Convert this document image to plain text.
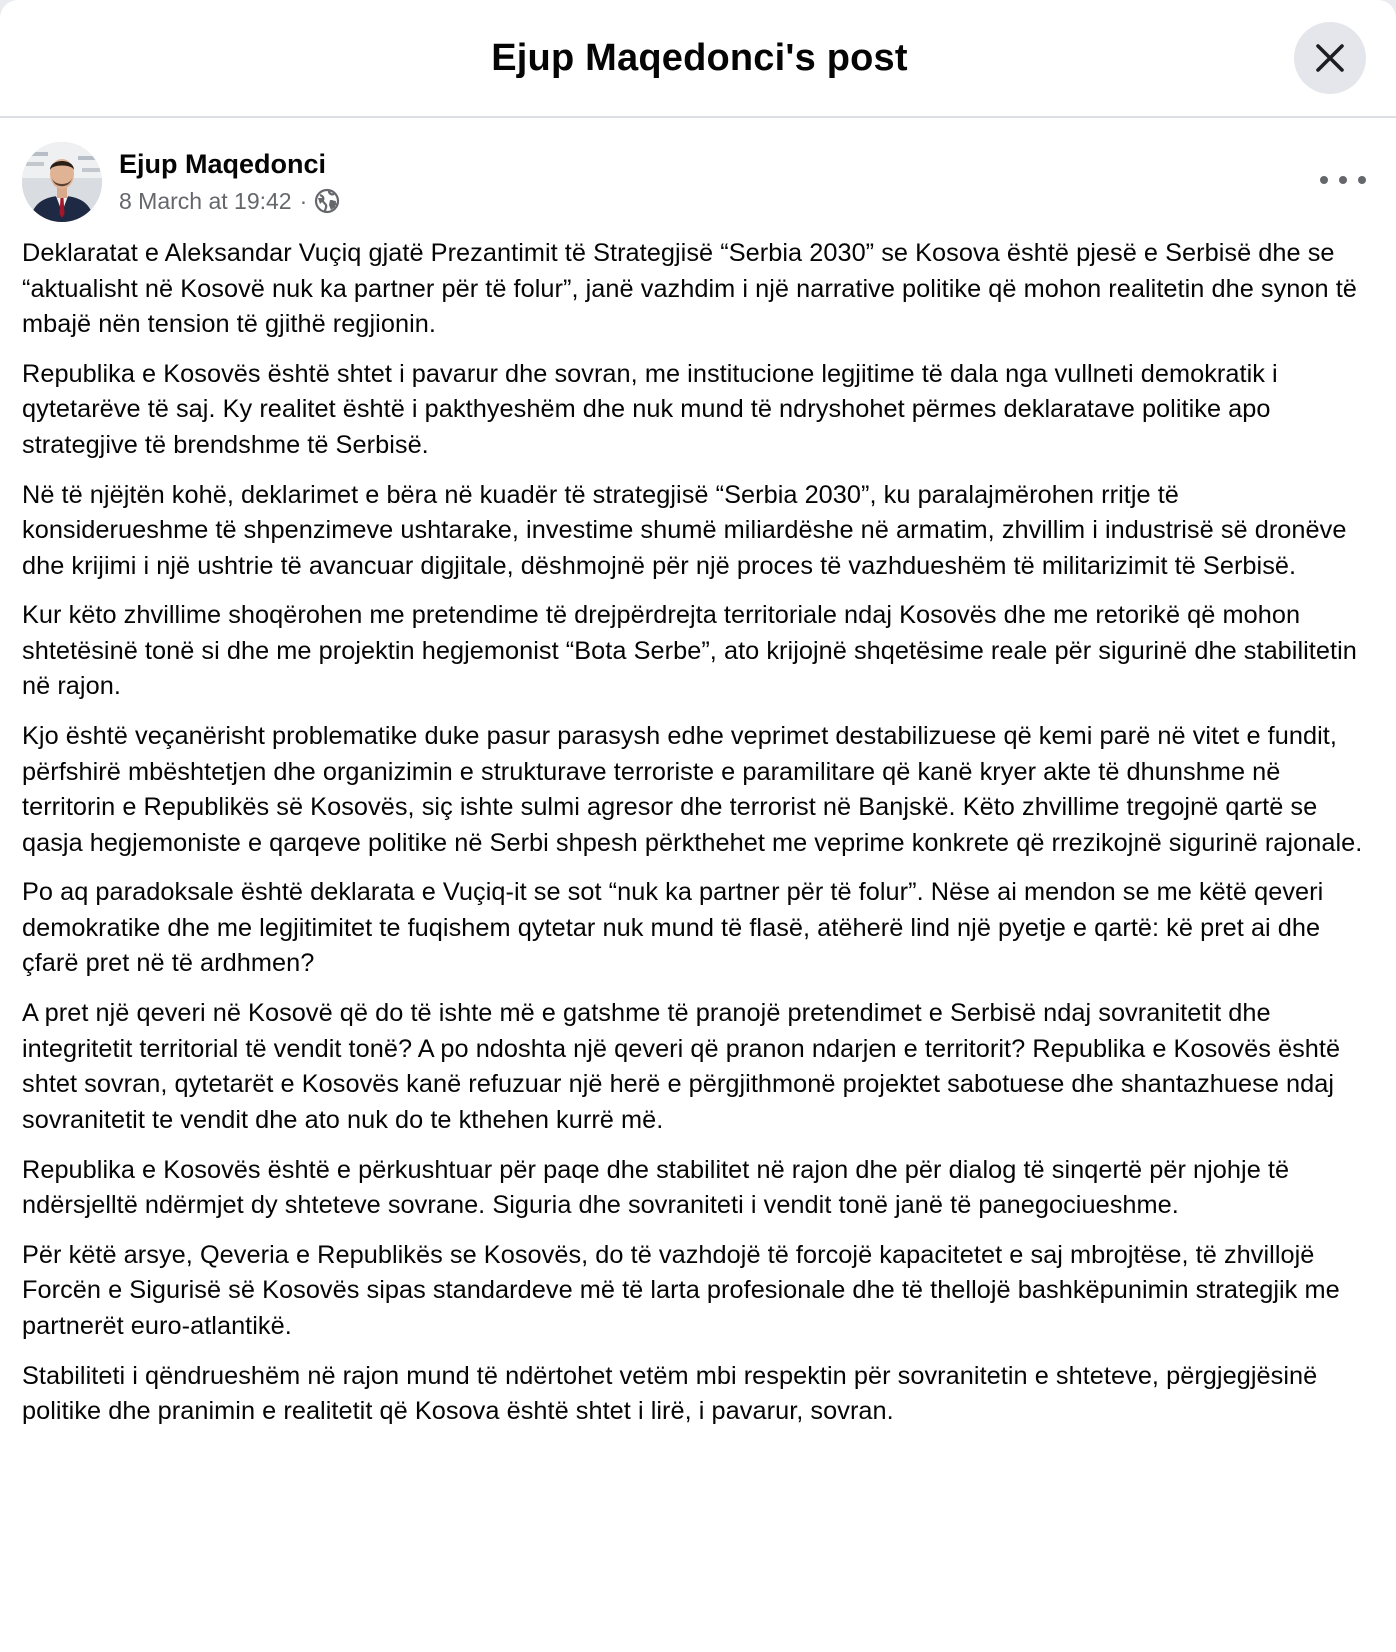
Ejup Maqedonci's post
Ejup Maqedonci
8 March at 19:42 ·

Deklaratat e Aleksandar Vuçiq gjatë Prezantimit të Strategjisë “Serbia 2030” se Kosova është pjesë e Serbisë dhe se “aktualisht në Kosovë nuk ka partner për të folur”, janë vazhdim i një narrative politike që mohon realitetin dhe synon të mbajë nën tension të gjithë regjionin.

Republika e Kosovës është shtet i pavarur dhe sovran, me institucione legjitime të dala nga vullneti demokratik i qytetarëve të saj. Ky realitet është i pakthyeshëm dhe nuk mund të ndryshohet përmes deklaratave politike apo strategjive të brendshme të Serbisë.

Në të njëjtën kohë, deklarimet e bëra në kuadër të strategjisë “Serbia 2030”, ku paralajmërohen rritje të konsiderueshme të shpenzimeve ushtarake, investime shumë miliardëshe në armatim, zhvillim i industrisë së dronëve dhe krijimi i një ushtrie të avancuar digjitale, dëshmojnë për një proces të vazhdueshëm të militarizimit të Serbisë.

Kur këto zhvillime shoqërohen me pretendime të drejpërdrejta territoriale ndaj Kosovës dhe me retorikë që mohon shtetësinë tonë si dhe me projektin hegjemonist “Bota Serbe”, ato krijojnë shqetësime reale për sigurinë dhe stabilitetin në rajon.

Kjo është veçanërisht problematike duke pasur parasysh edhe veprimet destabilizuese që kemi parë në vitet e fundit, përfshirë mbështetjen dhe organizimin e strukturave terroriste e paramilitare që kanë kryer akte të dhunshme në territorin e Republikës së Kosovës, siç ishte sulmi agresor dhe terrorist në Banjskë. Këto zhvillime tregojnë qartë se qasja hegjemoniste e qarqeve politike në Serbi shpesh përkthehet me veprime konkrete që rrezikojnë sigurinë rajonale.

Po aq paradoksale është deklarata e Vuçiq-it se sot “nuk ka partner për të folur”. Nëse ai mendon se me këtë qeveri demokratike dhe me legjitimitet te fuqishem qytetar nuk mund të flasë, atëherë lind një pyetje e qartë: kë pret ai dhe çfarë pret në të ardhmen?

A pret një qeveri në Kosovë që do të ishte më e gatshme të pranojë pretendimet e Serbisë ndaj sovranitetit dhe integritetit territorial të vendit tonë? A po ndoshta një qeveri që pranon ndarjen e territorit? Republika e Kosovës është shtet sovran, qytetarët e Kosovës kanë refuzuar një herë e përgjithmonë projektet sabotuese dhe shantazhuese ndaj sovranitetit te vendit dhe ato nuk do te kthehen kurrë më.

Republika e Kosovës është e përkushtuar për paqe dhe stabilitet në rajon dhe për dialog të sinqertë për njohje të ndërsjelltë ndërmjet dy shteteve sovrane. Siguria dhe sovraniteti i vendit tonë janë të panegociueshme.

Për këtë arsye, Qeveria e Republikës se Kosovës, do të vazhdojë të forcojë kapacitetet e saj mbrojtëse, të zhvillojë Forcën e Sigurisë së Kosovës sipas standardeve më të larta profesionale dhe të thellojë bashkëpunimin strategjik me partnerët euro-atlantikë.

Stabiliteti i qëndrueshëm në rajon mund të ndërtohet vetëm mbi respektin për sovranitetin e shteteve, përgjegjësinë politike dhe pranimin e realitetit që Kosova është shtet i lirë, i pavarur, sovran.
